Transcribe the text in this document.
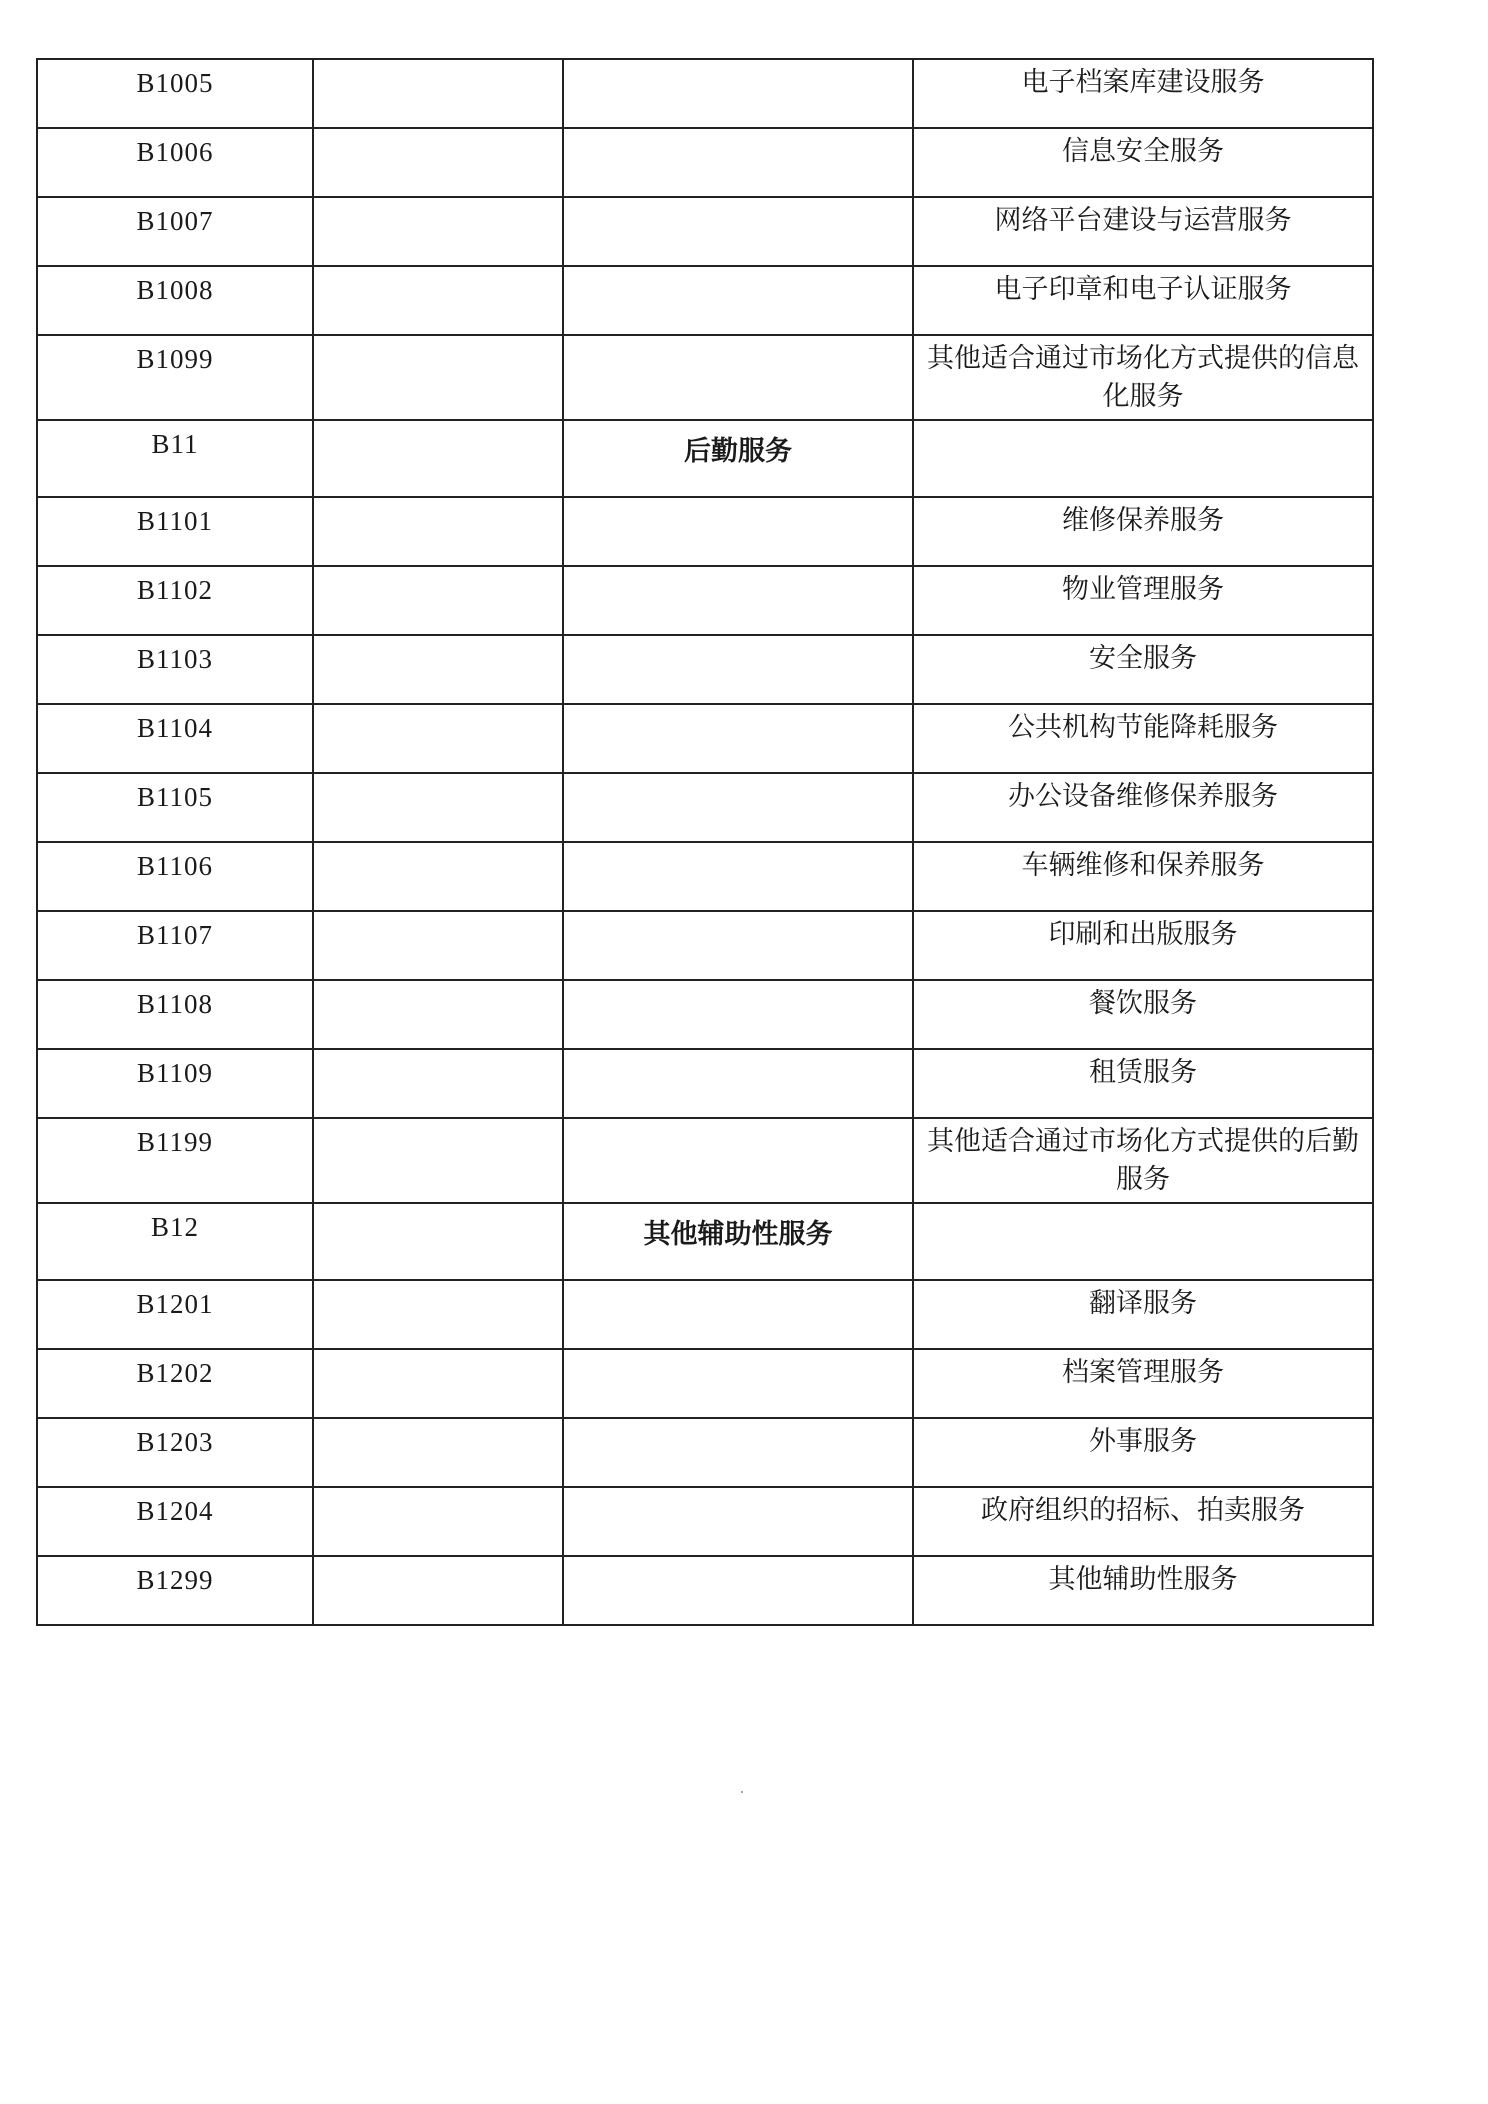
B1005			电子档案库建设服务
B1006			信息安全服务
B1007			网络平台建设与运营服务
B1008			电子印章和电子认证服务
B1099			其他适合通过市场化方式提供的信息化服务
B11		后勤服务	
B1101			维修保养服务
B1102			物业管理服务
B1103			安全服务
B1104			公共机构节能降耗服务
B1105			办公设备维修保养服务
B1106			车辆维修和保养服务
B1107			印刷和出版服务
B1108			餐饮服务
B1109			租赁服务
B1199			其他适合通过市场化方式提供的后勤服务
B12		其他辅助性服务	
B1201			翻译服务
B1202			档案管理服务
B1203			外事服务
B1204			政府组织的招标、拍卖服务
B1299			其他辅助性服务
